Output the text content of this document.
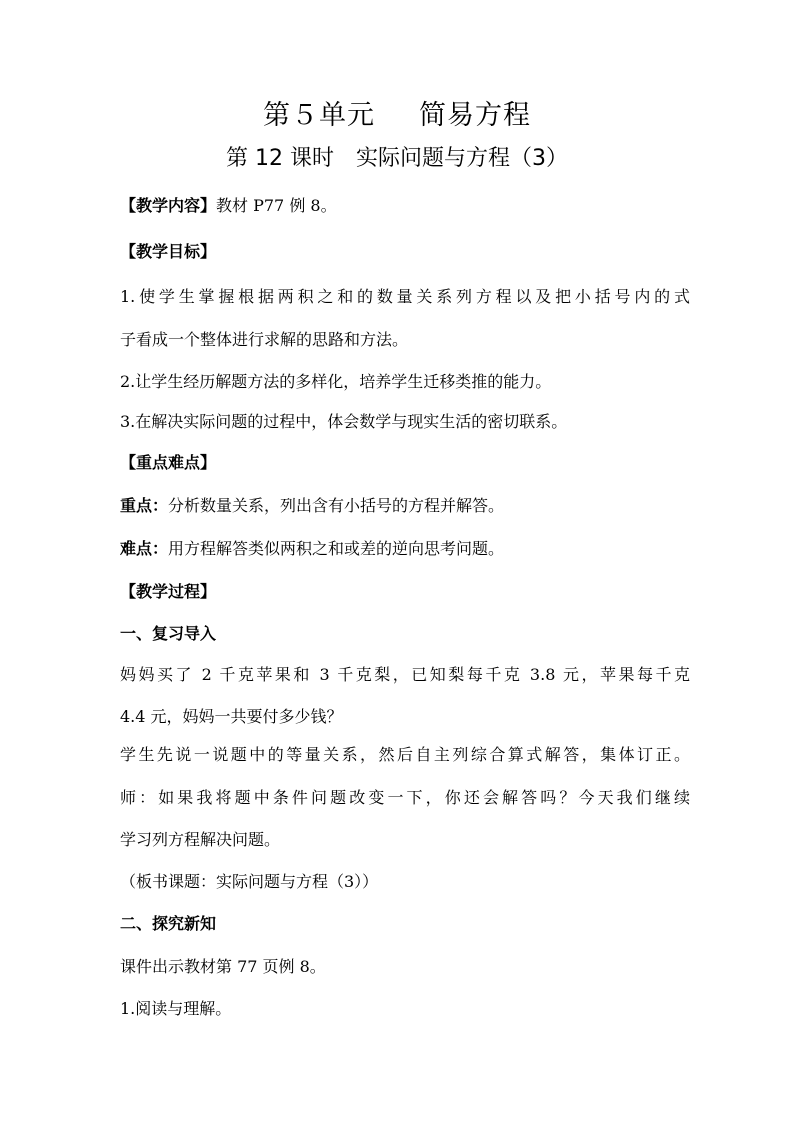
第５单元 简易方程
第 12 课时 实际问题与方程（3）
【教学内容】教材 P77 例 8。
【教学目标】
1.使学生掌握根据两积之和的数量关系列方程以及把小括号内的式
子看成一个整体进行求解的思路和方法。
2.让学生经历解题方法的多样化，培养学生迁移类推的能力。
3.在解决实际问题的过程中，体会数学与现实生活的密切联系。
【重点难点】
重点：分析数量关系，列出含有小括号的方程并解答。
难点：用方程解答类似两积之和或差的逆向思考问题。
【教学过程】
一、复习导入
妈妈买了 2 千克苹果和 3 千克梨，已知梨每千克 3.8 元，苹果每千克
4.4 元，妈妈一共要付多少钱？
学生先说一说题中的等量关系，然后自主列综合算式解答，集体订正。
师：如果我将题中条件问题改变一下，你还会解答吗？今天我们继续
学习列方程解决问题。
（板书课题：实际问题与方程（3））
二、探究新知
课件出示教材第 77 页例 8。
1.阅读与理解。
